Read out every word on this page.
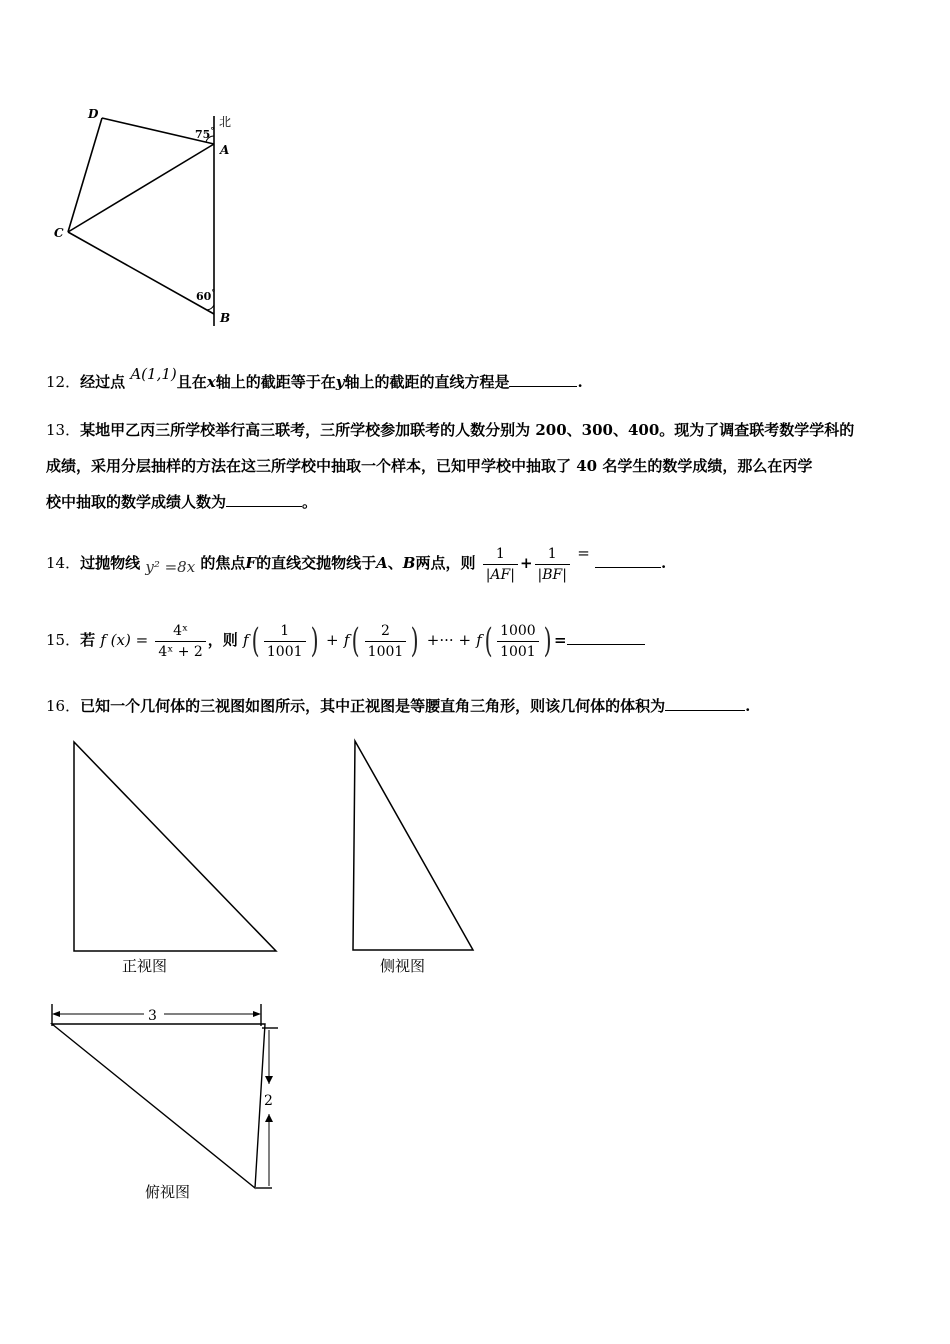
D
A
C
B
北
75°
60°
12．经过点 A(1,1)且在x轴上的截距等于在y轴上的截距的直线方程是	.
13．某地甲乙丙三所学校举行高三联考，三所学校参加联考的人数分别为 200、300、400。现为了调查联考数学学科的
成绩，采用分层抽样的方法在这三所学校中抽取一个样本，已知甲学校中抽取了 40 名学生的数学成绩，那么在丙学
校中抽取的数学成绩人数为	。
14．过抛物线 y² =8x 的焦点F的直线交抛物线于A、B两点，则 $\frac{1}{|AF|} + \frac{1}{|BF|}$ = .
15．若 f $(x) = \frac{\text{4ˣ}}{\text{4ˣ + 2}}$ ，则 $f( \frac{1}{1001}$ ) + $f( \frac{2}{1001}$ ) +··· + $f( \frac{1000}{1001}$ ) =
16．已知一个几何体的三视图如图所示，其中正视图是等腰直角三角形，则该几何体的体积为	.
正视图	侧视图
3
2
俯视图
